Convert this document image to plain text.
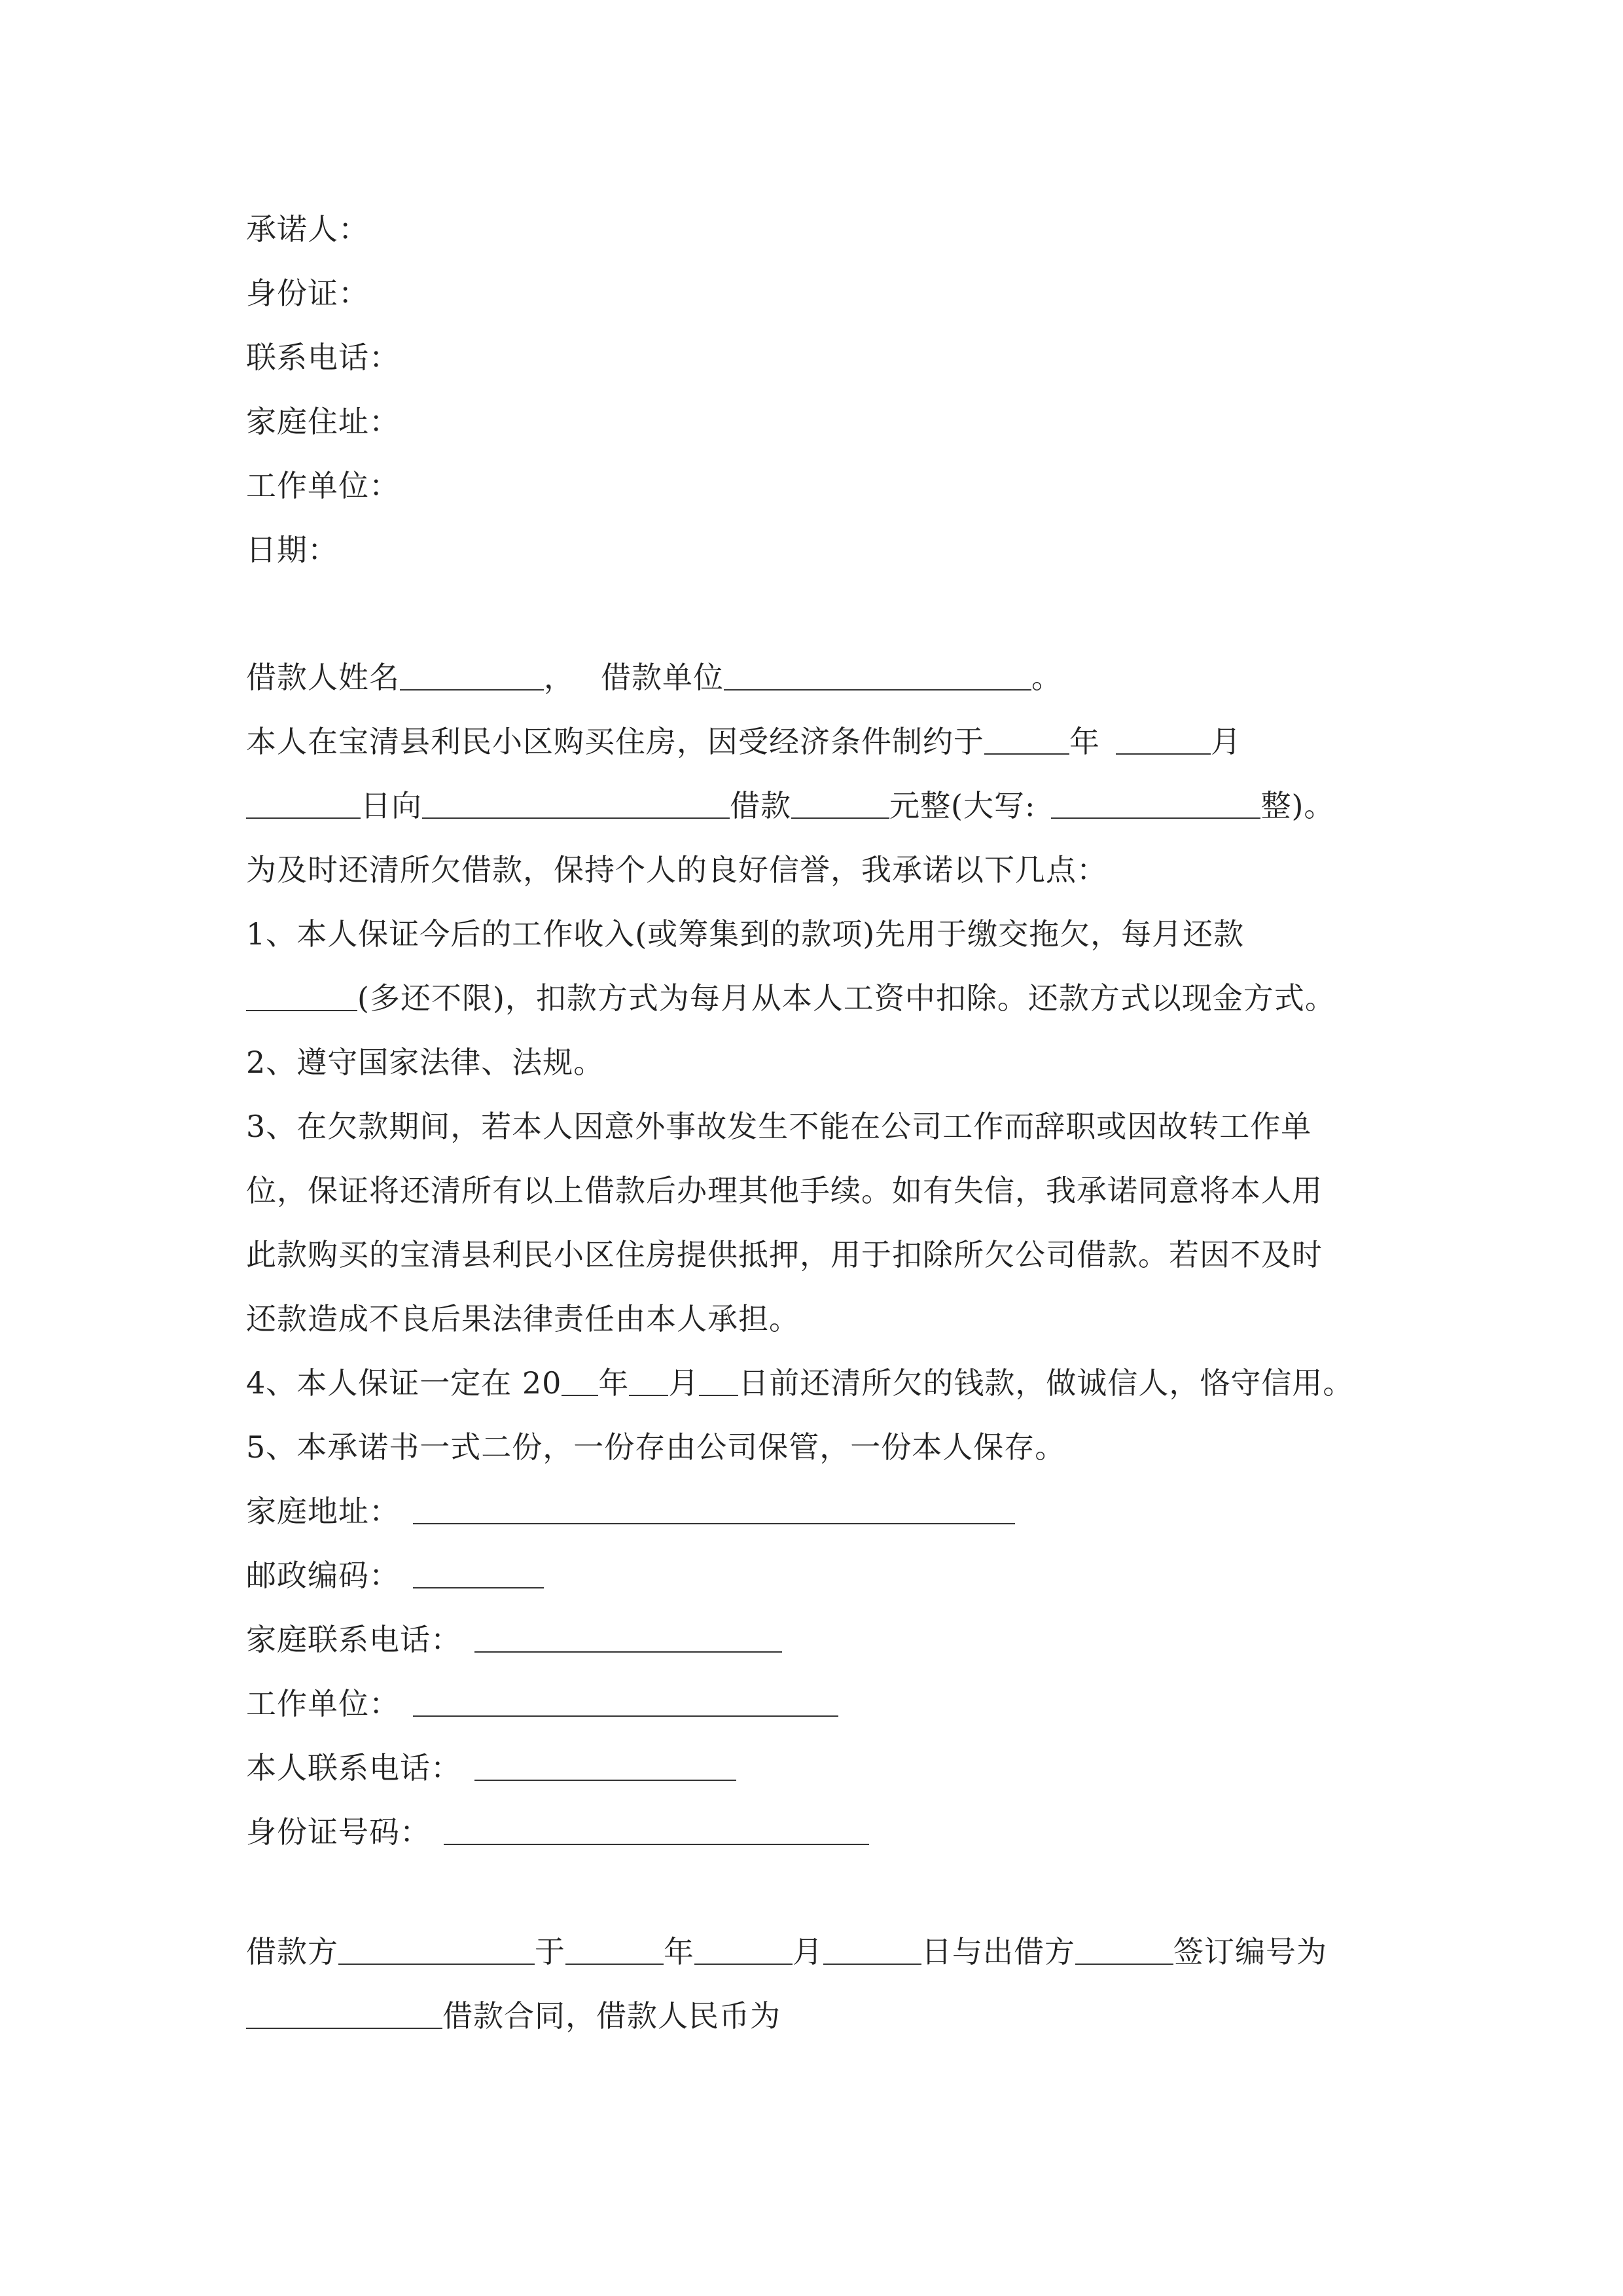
承诺人：
身份证：
联系电话：
家庭住址：
工作单位：
日期：
借款人姓名	， 借款单位	。
本人在宝清县利民小区购买住房，因受经济条件制约于	年	月
日向	借款	元整(大写:	整)。
为及时还清所欠借款，保持个人的良好信誉，我承诺以下几点：
1、本人保证今后的工作收入(或筹集到的款项)先用于缴交拖欠，每月还款
(多还不限)，扣款方式为每月从本人工资中扣除。还款方式以现金方式。
2、遵守国家法律、法规。
3、在欠款期间，若本人因意外事故发生不能在公司工作而辞职或因故转工作单
位，保证将还清所有以上借款后办理其他手续。如有失信，我承诺同意将本人用
此款购买的宝清县利民小区住房提供抵押，用于扣除所欠公司借款。若因不及时
还款造成不良后果法律责任由本人承担。
4、本人保证一定在 20 年 月 日前还清所欠的钱款，做诚信人，恪守信用。
5、本承诺书一式二份，一份存由公司保管，一份本人保存。
家庭地址：
邮政编码：
家庭联系电话：
工作单位：
本人联系电话：
身份证号码：
借款方	于	年	月	日与出借方	签订编号为
借款合同，借款人民币为
